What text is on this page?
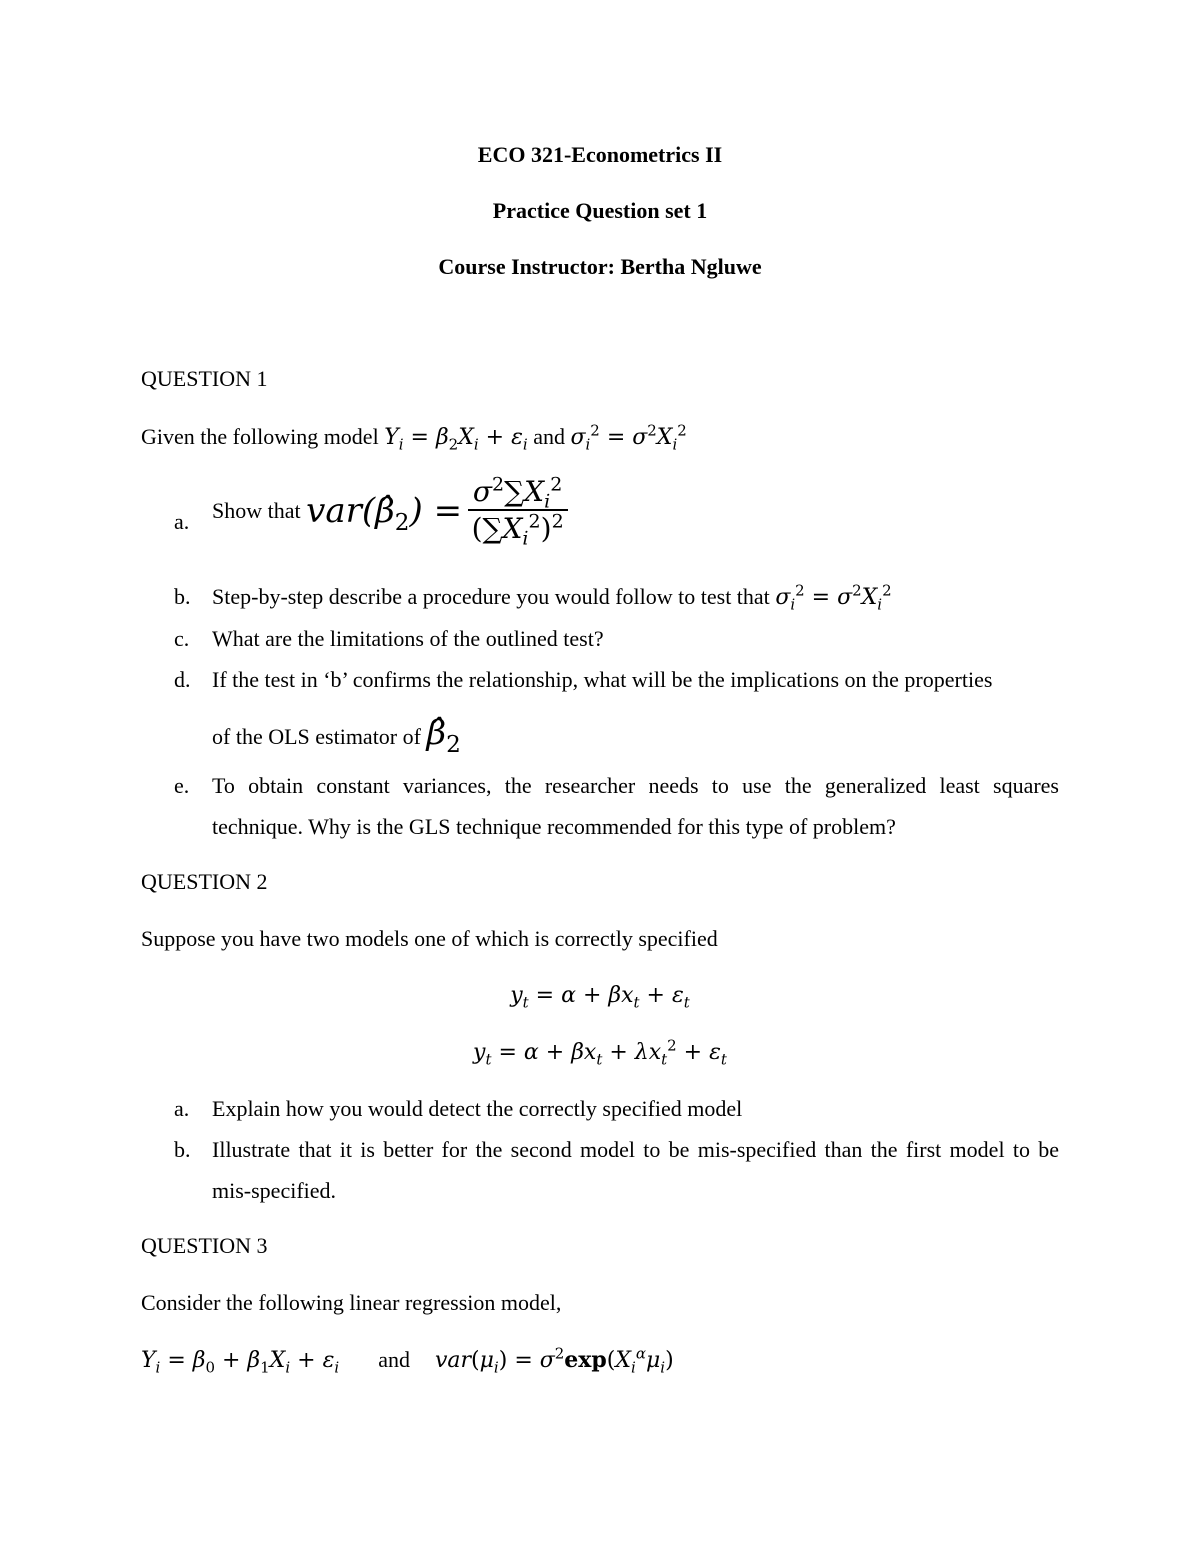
ECO 321-Econometrics II
Practice Question set 1
Course Instructor: Bertha Ngluwe
QUESTION 1
Given the following model $Y_i = \beta_2X_i + \varepsilon_i$ and $\sigma_i^2 = \sigma^2X_i^2$
a.	Show that $var(\betâ_2) = \frac{\sigma^2\sum X_i^2}{(\sum X_i^2)^2}$
b. Step-by-step describe a procedure you would follow to test that $\sigma_i^2 = \sigma^2X_i^2$
c.	What are the limitations of the outlined test?
d. If the test in ‘b’ confirms the relationship, what will be the implications on the properties
of the OLS estimator of $\betâ_2$
e.	To obtain constant variances, the researcher needs to use the generalized least squares
technique. Why is the GLS technique recommended for this type of problem?
QUESTION 2
Suppose you have two models one of which is correctly specified
$y_t = \alpha + \beta x_t + \varepsilon_t$
$y_t = \alpha + \beta x_t + \lambda x_t^2 + \varepsilon_t$
a.	Explain how you would detect the correctly specified model
b. Illustrate that it is better for the second model to be mis-specified than the first model to be
mis-specified.
QUESTION 3
Consider the following linear regression model,
$Y_i = \beta_0 + \beta_1X_i + \varepsilon_i$ and $var(\mu_i) = \sigma^2\exp(X_i^\alpha\mu_i)$
